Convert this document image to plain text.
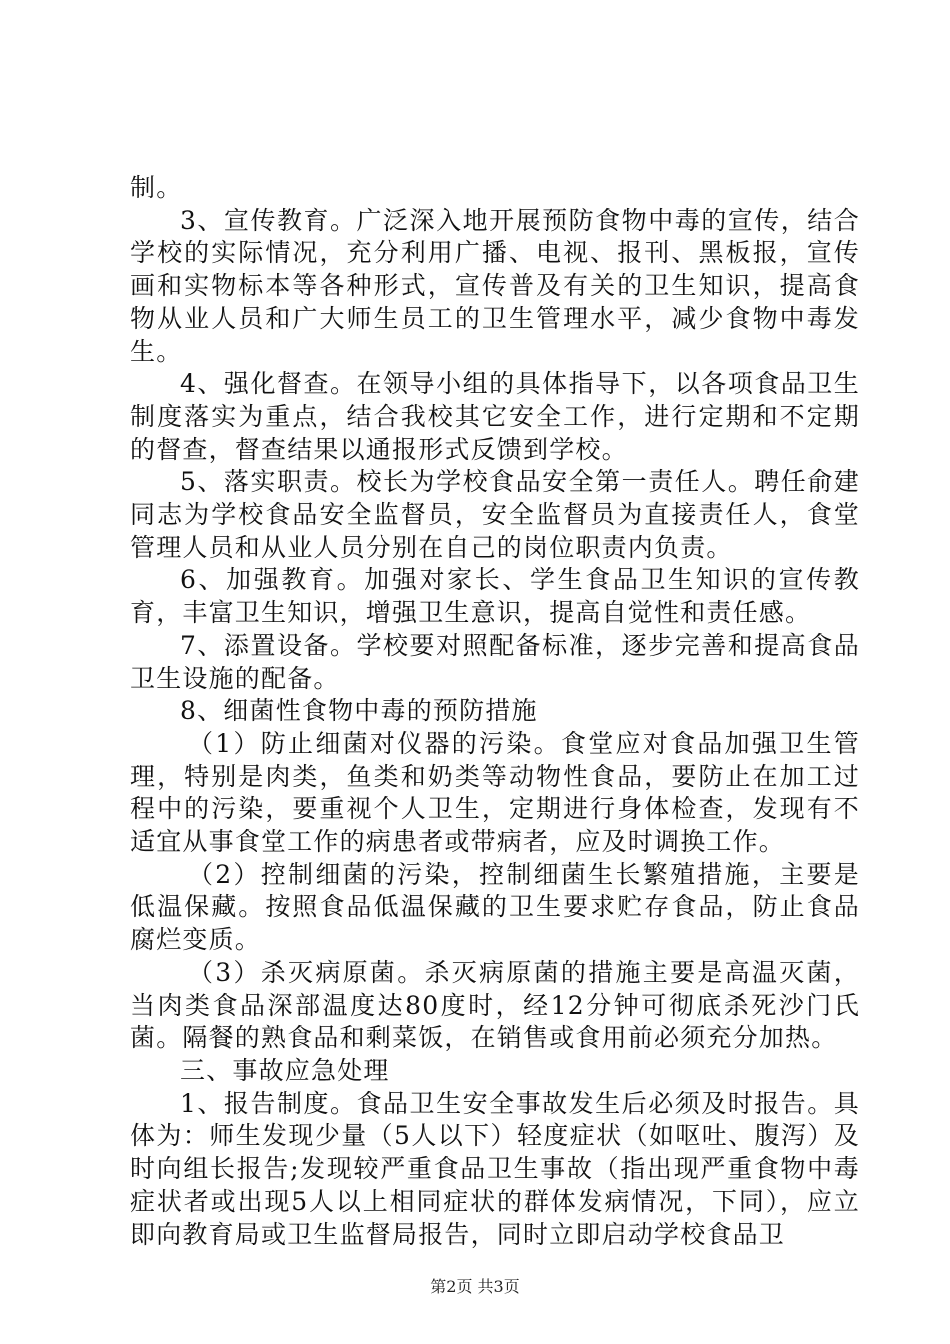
制。

3、宣传教育。广泛深入地开展预防食物中毒的宣传，结合学校的实际情况，充分利用广播、电视、报刊、黑板报，宣传画和实物标本等各种形式，宣传普及有关的卫生知识，提高食物从业人员和广大师生员工的卫生管理水平，减少食物中毒发生。

4、强化督查。在领导小组的具体指导下，以各项食品卫生制度落实为重点，结合我校其它安全工作，进行定期和不定期的督查，督查结果以通报形式反馈到学校。

5、落实职责。校长为学校食品安全第一责任人。聘任俞建同志为学校食品安全监督员，安全监督员为直接责任人，食堂管理人员和从业人员分别在自己的岗位职责内负责。

6、加强教育。加强对家长、学生食品卫生知识的宣传教育，丰富卫生知识，增强卫生意识，提高自觉性和责任感。

7、添置设备。学校要对照配备标准，逐步完善和提高食品卫生设施的配备。

8、细菌性食物中毒的预防措施

（1）防止细菌对仪器的污染。食堂应对食品加强卫生管理，特别是肉类，鱼类和奶类等动物性食品，要防止在加工过程中的污染，要重视个人卫生，定期进行身体检查，发现有不适宜从事食堂工作的病患者或带病者，应及时调换工作。

（2）控制细菌的污染，控制细菌生长繁殖措施，主要是低温保藏。按照食品低温保藏的卫生要求贮存食品，防止食品腐烂变质。

（3）杀灭病原菌。杀灭病原菌的措施主要是高温灭菌，当肉类食品深部温度达80度时，经12分钟可彻底杀死沙门氏菌。隔餐的熟食品和剩菜饭，在销售或食用前必须充分加热。

三、事故应急处理

1、报告制度。食品卫生安全事故发生后必须及时报告。具体为：师生发现少量（5人以下）轻度症状（如呕吐、腹泻）及时向组长报告;发现较严重食品卫生事故（指出现严重食物中毒症状者或出现5人以上相同症状的群体发病情况，下同），应立即向教育局或卫生监督局报告，同时立即启动学校食品卫

第2页 共3页
